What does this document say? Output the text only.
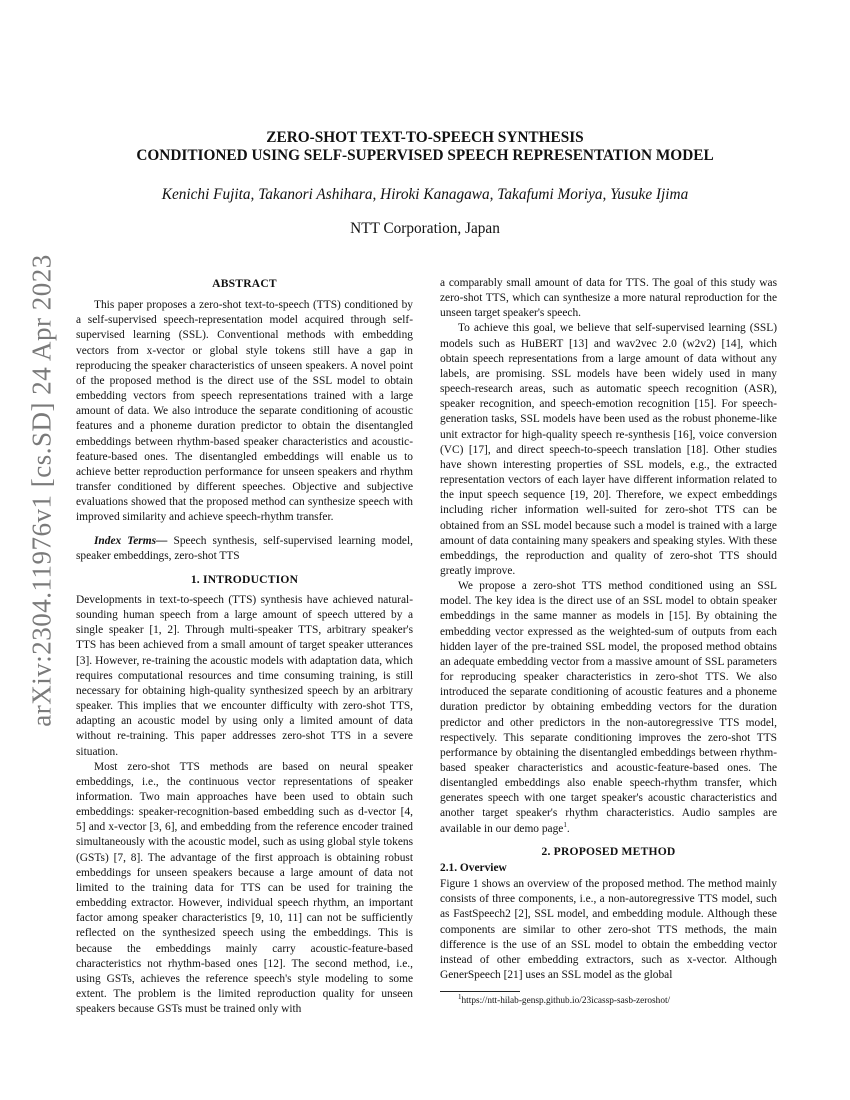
arXiv:2304.11976v1 [cs.SD] 24 Apr 2023
ZERO-SHOT TEXT-TO-SPEECH SYNTHESIS
CONDITIONED USING SELF-SUPERVISED SPEECH REPRESENTATION MODEL
Kenichi Fujita, Takanori Ashihara, Hiroki Kanagawa, Takafumi Moriya, Yusuke Ijima
NTT Corporation, Japan
ABSTRACT

This paper proposes a zero-shot text-to-speech (TTS) conditioned by a self-supervised speech-representation model acquired through self-supervised learning (SSL). Conventional methods with embedding vectors from x-vector or global style tokens still have a gap in reproducing the speaker characteristics of unseen speakers. A novel point of the proposed method is the direct use of the SSL model to obtain embedding vectors from speech representations trained with a large amount of data. We also introduce the separate conditioning of acoustic features and a phoneme duration predictor to obtain the disentangled embeddings between rhythm-based speaker characteristics and acoustic-feature-based ones. The disentangled embeddings will enable us to achieve better reproduction performance for unseen speakers and rhythm transfer conditioned by different speeches. Objective and subjective evaluations showed that the proposed method can synthesize speech with improved similarity and achieve speech-rhythm transfer.

Index Terms— Speech synthesis, self-supervised learning model, speaker embeddings, zero-shot TTS

1. INTRODUCTION

Developments in text-to-speech (TTS) synthesis have achieved natural-sounding human speech from a large amount of speech uttered by a single speaker [1, 2]. Through multi-speaker TTS, arbitrary speaker's TTS has been achieved from a small amount of target speaker utterances [3]. However, re-training the acoustic models with adaptation data, which requires computational resources and time consuming training, is still necessary for obtaining high-quality synthesized speech by an arbitrary speaker. This implies that we encounter difficulty with zero-shot TTS, adapting an acoustic model by using only a limited amount of data without re-training. This paper addresses zero-shot TTS in a severe situation.

Most zero-shot TTS methods are based on neural speaker embeddings, i.e., the continuous vector representations of speaker information. Two main approaches have been used to obtain such embeddings: speaker-recognition-based embedding such as d-vector [4, 5] and x-vector [3, 6], and embedding from the reference encoder trained simultaneously with the acoustic model, such as using global style tokens (GSTs) [7, 8]. The advantage of the first approach is obtaining robust embeddings for unseen speakers because a large amount of data not limited to the training data for TTS can be used for training the embedding extractor. However, individual speech rhythm, an important factor among speaker characteristics [9, 10, 11] can not be sufficiently reflected on the synthesized speech using the embeddings. This is because the embeddings mainly carry acoustic-feature-based characteristics not rhythm-based ones [12]. The second method, i.e., using GSTs, achieves the reference speech's style modeling to some extent. The problem is the limited reproduction quality for unseen speakers because GSTs must be trained only with

a comparably small amount of data for TTS. The goal of this study was zero-shot TTS, which can synthesize a more natural reproduction for the unseen target speaker's speech.

To achieve this goal, we believe that self-supervised learning (SSL) models such as HuBERT [13] and wav2vec 2.0 (w2v2) [14], which obtain speech representations from a large amount of data without any labels, are promising. SSL models have been widely used in many speech-research areas, such as automatic speech recognition (ASR), speaker recognition, and speech-emotion recognition [15]. For speech-generation tasks, SSL models have been used as the robust phoneme-like unit extractor for high-quality speech re-synthesis [16], voice conversion (VC) [17], and direct speech-to-speech translation [18]. Other studies have shown interesting properties of SSL models, e.g., the extracted representation vectors of each layer have different information related to the input speech sequence [19, 20]. Therefore, we expect embeddings including richer information well-suited for zero-shot TTS can be obtained from an SSL model because such a model is trained with a large amount of data containing many speakers and speaking styles. With these embeddings, the reproduction and quality of zero-shot TTS should greatly improve.

We propose a zero-shot TTS method conditioned using an SSL model. The key idea is the direct use of an SSL model to obtain speaker embeddings in the same manner as models in [15]. By obtaining the embedding vector expressed as the weighted-sum of outputs from each hidden layer of the pre-trained SSL model, the proposed method obtains an adequate embedding vector from a massive amount of SSL parameters for reproducing speaker characteristics in zero-shot TTS. We also introduced the separate conditioning of acoustic features and a phoneme duration predictor by obtaining embedding vectors for the duration predictor and other predictors in the non-autoregressive TTS model, respectively. This separate conditioning improves the zero-shot TTS performance by obtaining the disentangled embeddings between rhythm-based speaker characteristics and acoustic-feature-based ones. The disentangled embeddings also enable speech-rhythm transfer, which generates speech with one target speaker's acoustic characteristics and another target speaker's rhythm characteristics. Audio samples are available in our demo page$^1$.

2. PROPOSED METHOD
2.1. Overview

Figure 1 shows an overview of the proposed method. The method mainly consists of three components, i.e., a non-autoregressive TTS model, such as FastSpeech2 [2], SSL model, and embedding module. Although these components are similar to other zero-shot TTS methods, the main difference is the use of an SSL model to obtain the embedding vector instead of other embedding extractors, such as x-vector. Although GenerSpeech [21] uses an SSL model as the global

$^1$https://ntt-hilab-gensp.github.io/23icassp-sasb-zeroshot/
